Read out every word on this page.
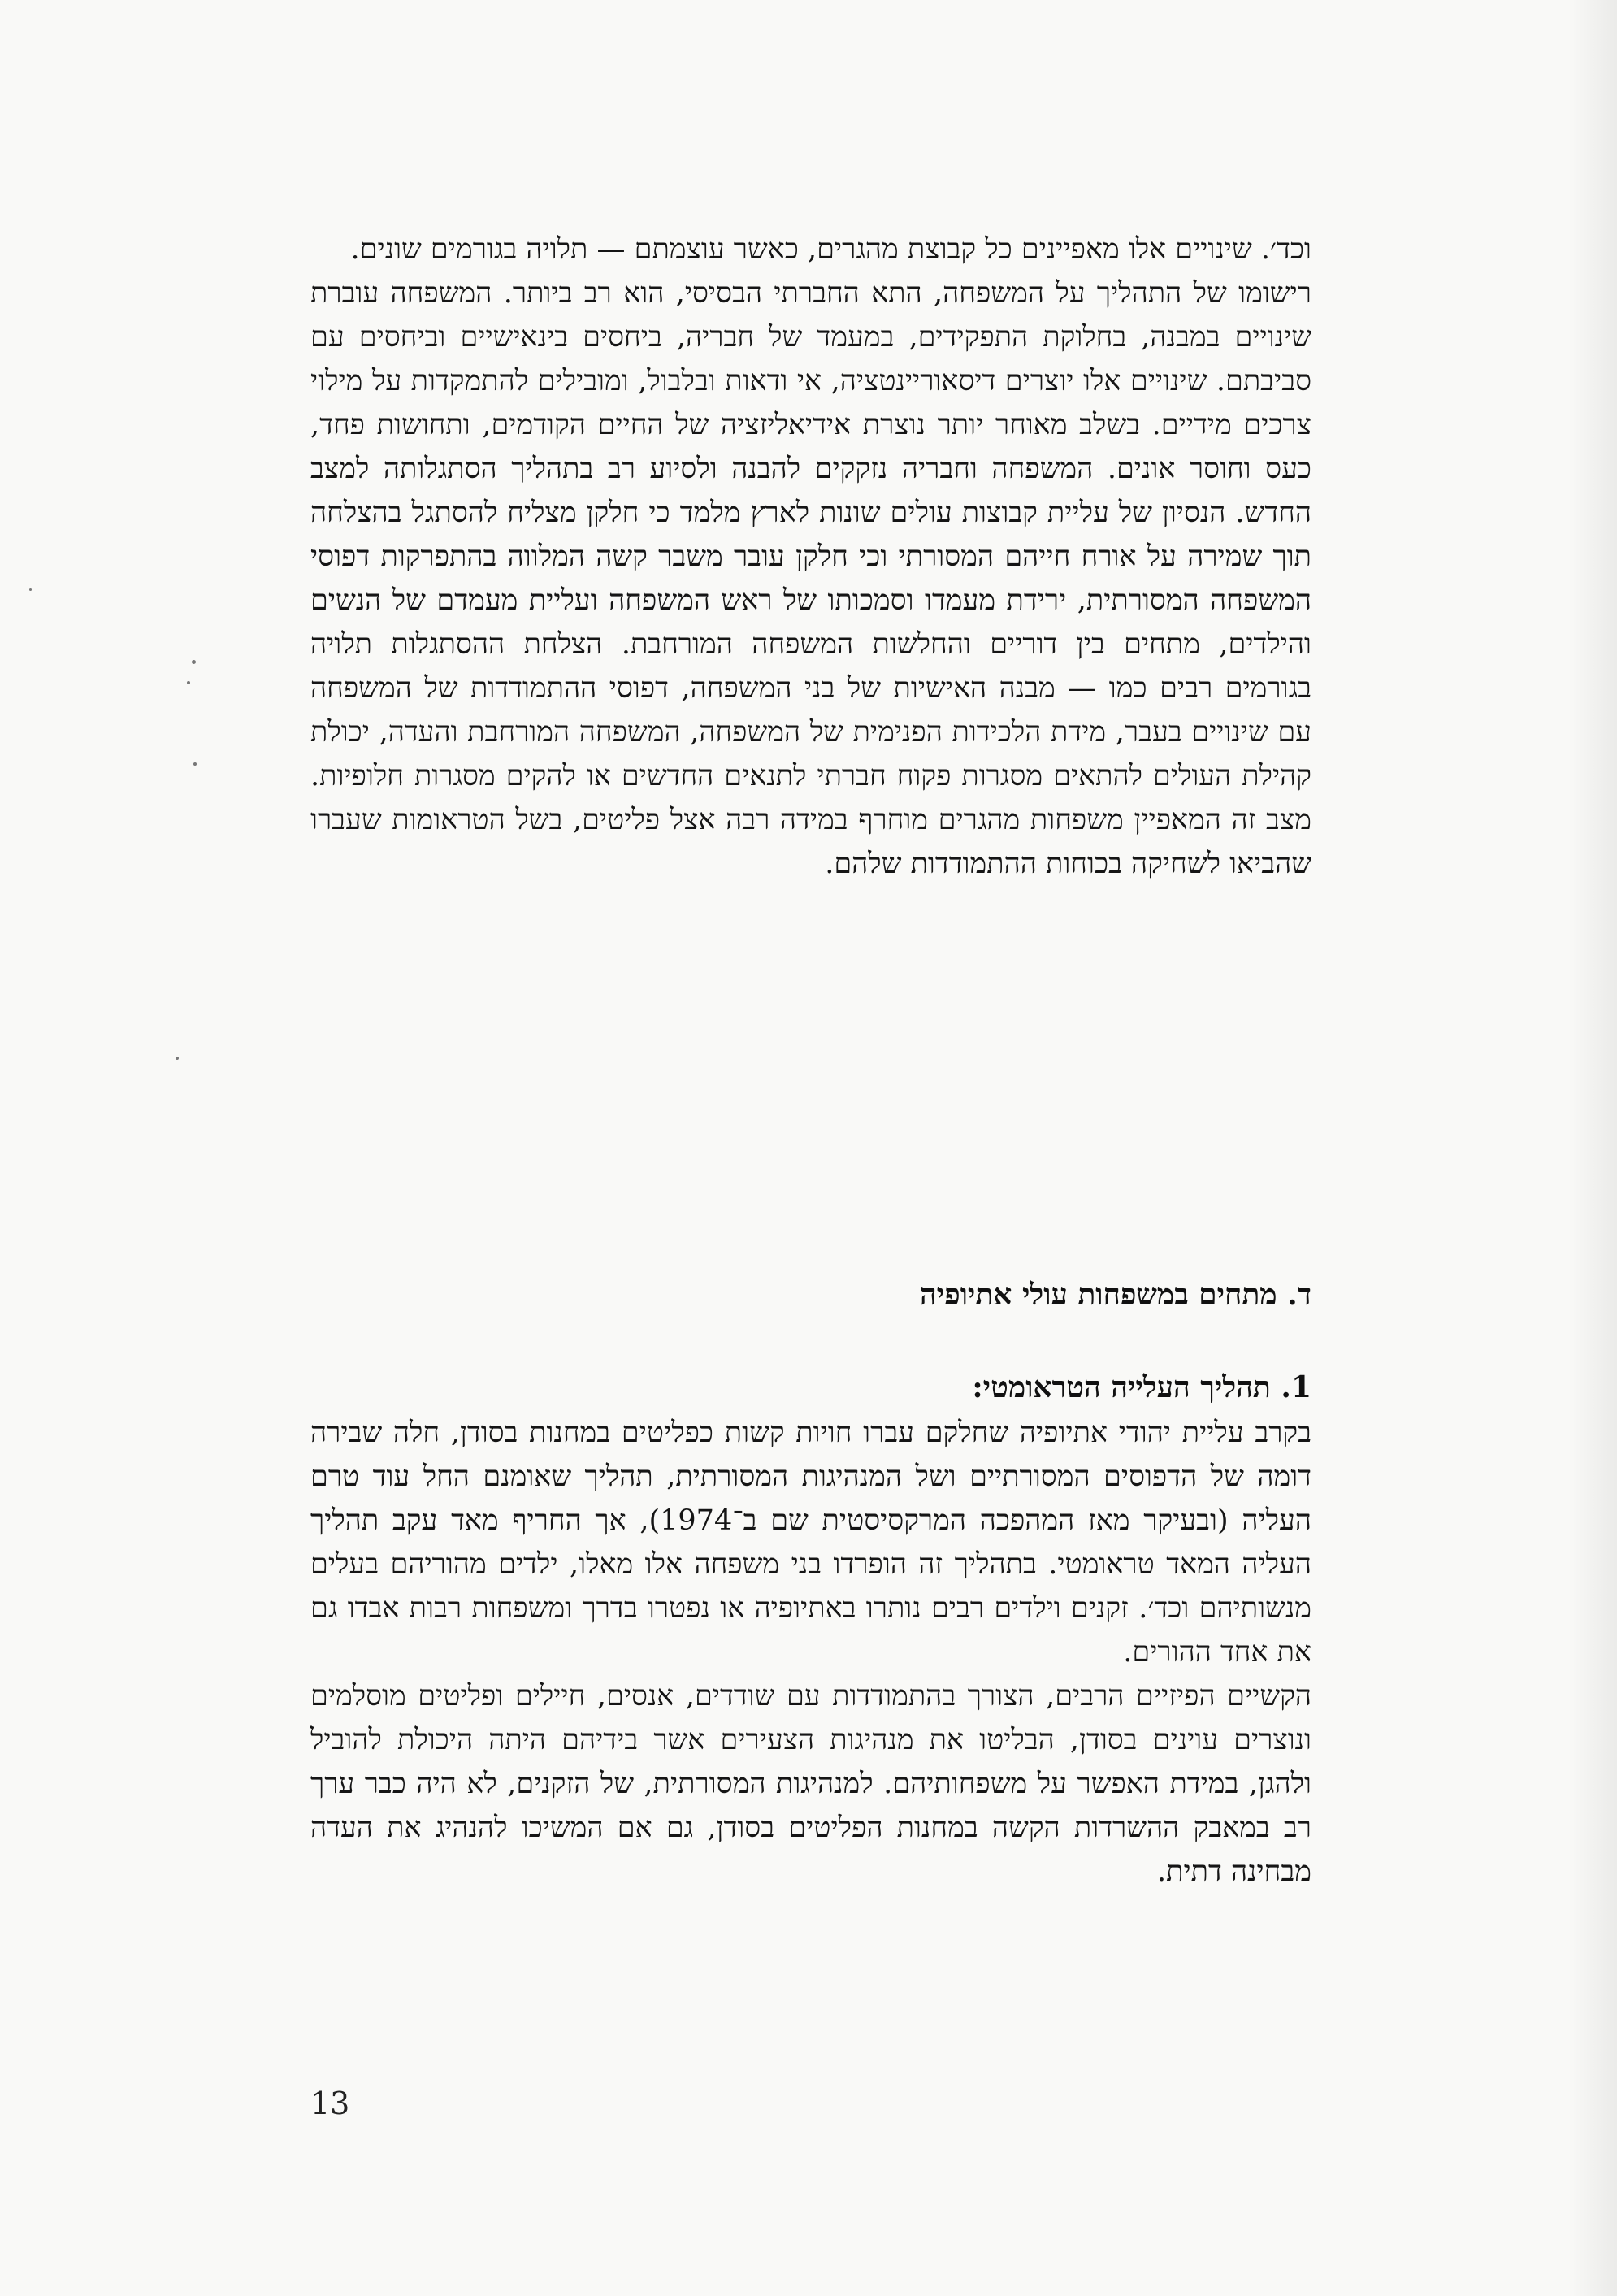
וכד׳. שינויים אלו מאפיינים כל קבוצת מהגרים, כאשר עוצמתם — תלויה בגורמים שונים.

רישומו של התהליך על המשפחה, התא החברתי הבסיסי, הוא רב ביותר. המשפחה עוברת שינויים במבנה, בחלוקת התפקידים, במעמד של חבריה, ביחסים בינאישיים וביחסים עם סביבתם. שינויים אלו יוצרים דיסאוריינטציה, אי ודאות ובלבול, ומובילים להתמקדות על מילוי צרכים מידיים. בשלב מאוחר יותר נוצרת אידיאליזציה של החיים הקודמים, ותחושות פחד, כעס וחוסר אונים. המשפחה וחבריה נזקקים להבנה ולסיוע רב בתהליך הסתגלותה למצב החדש. הנסיון של עליית קבוצות עולים שונות לארץ מלמד כי חלקן מצליח להסתגל בהצלחה תוך שמירה על אורח חייהם המסורתי וכי חלקן עובר משבר קשה המלווה בהתפרקות דפוסי המשפחה המסורתית, ירידת מעמדו וסמכותו של ראש המשפחה ועליית מעמדם של הנשים והילדים, מתחים בין דוריים והחלשות המשפחה המורחבת. הצלחת ההסתגלות תלויה בגורמים רבים כמו — מבנה האישיות של בני המשפחה, דפוסי ההתמודדות של המשפחה עם שינויים בעבר, מידת הלכידות הפנימית של המשפחה, המשפחה המורחבת והעדה, יכולת קהילת העולים להתאים מסגרות פקוח חברתי לתנאים החדשים או להקים מסגרות חלופיות. מצב זה המאפיין משפחות מהגרים מוחרף במידה רבה אצל פליטים, בשל הטראומות שעברו שהביאו לשחיקה בכוחות ההתמודדות שלהם.

ד. מתחים במשפחות עולי אתיופיה
1. תהליך העלייה הטראומטי:

בקרב עליית יהודי אתיופיה שחלקם עברו חויות קשות כפליטים במחנות בסודן, חלה שבירה דומה של הדפוסים המסורתיים ושל המנהיגות המסורתית, תהליך שאומנם החל עוד טרם העליה (ובעיקר מאז המהפכה המרקסיסטית שם ב־1974), אך החריף מאד עקב תהליך העליה המאד טראומטי. בתהליך זה הופרדו בני משפחה אלו מאלו, ילדים מהוריהם בעלים מנשותיהם וכד׳. זקנים וילדים רבים נותרו באתיופיה או נפטרו בדרך ומשפחות רבות אבדו גם את אחד ההורים.

הקשיים הפיזיים הרבים, הצורך בהתמודדות עם שודדים, אנסים, חיילים ופליטים מוסלמים ונוצרים עוינים בסודן, הבליטו את מנהיגות הצעירים אשר בידיהם היתה היכולת להוביל ולהגן, במידת האפשר על משפחותיהם. למנהיגות המסורתית, של הזקנים, לא היה כבר ערך רב במאבק ההשרדות הקשה במחנות הפליטים בסודן, גם אם המשיכו להנהיג את העדה מבחינה דתית.

13
